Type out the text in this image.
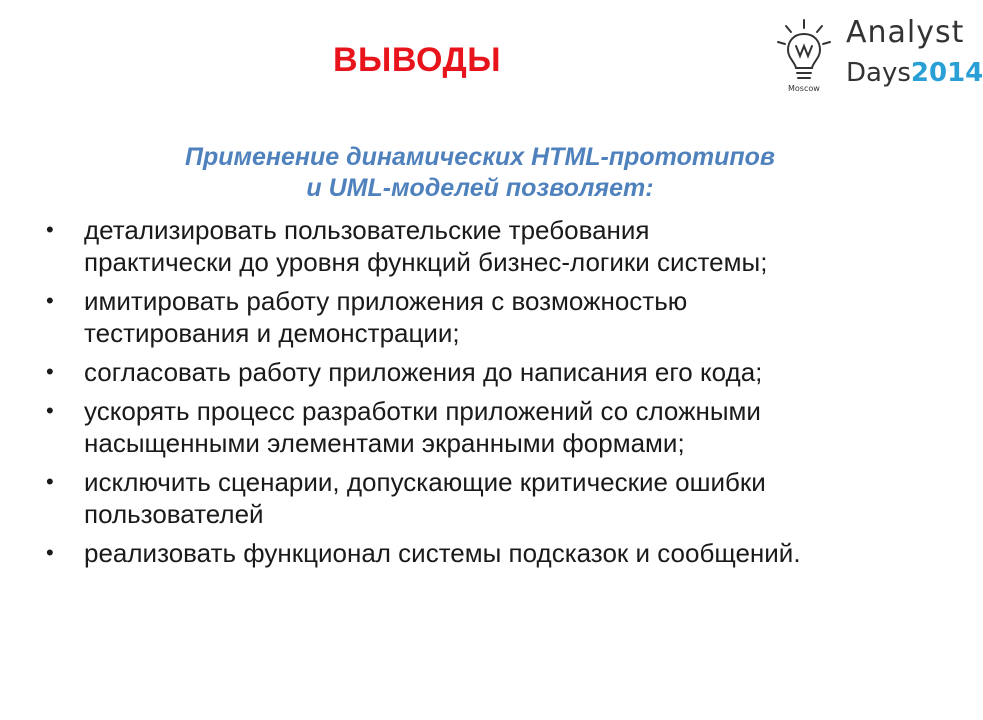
ВЫВОДЫ
Moscow
Analyst
Days2014

Применение динамических HTML-прототипов
и UML-моделей позволяет:

• детализировать пользовательские требования
практически до уровня функций бизнес-логики системы;
• имитировать работу приложения с возможностью
тестирования и демонстрации;
• согласовать работу приложения до написания его кода;
• ускорять процесс разработки приложений со сложными
насыщенными элементами экранными формами;
• исключить сценарии, допускающие критические ошибки
пользователей
• реализовать функционал системы подсказок и сообщений.
